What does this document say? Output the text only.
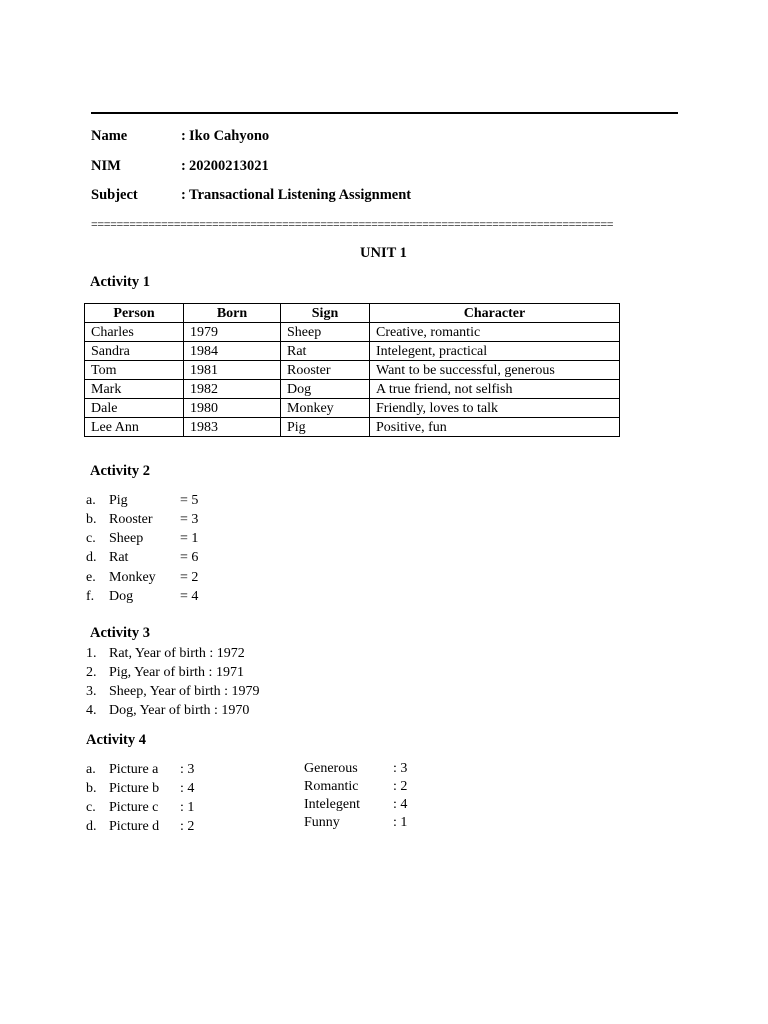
Name	: Iko Cahyono
NIM	: 20200213021
Subject	: Transactional Listening Assignment
==================================================================================
UNIT 1
Activity 1
Person	Born	Sign	Character
Charles	1979	Sheep	Creative, romantic
Sandra	1984	Rat	Intelegent, practical
Tom	1981	Rooster	Want to be successful, generous
Mark	1982	Dog	A true friend, not selfish
Dale	1980	Monkey	Friendly, loves to talk
Lee Ann	1983	Pig	Positive, fun
Activity 2
a. Pig	= 5
b. Rooster = 3
c. Sheep	= 1
d. Rat	= 6
e. Monkey = 2
f. Dog	= 4
Activity 3
1. Rat, Year of birth : 1972
2. Pig, Year of birth : 1971
3. Sheep, Year of birth : 1979
4. Dog, Year of birth : 1970
Activity 4
a. Picture a : 3
b. Picture b : 4
c. Picture c : 1
d. Picture d : 2
Generous	: 3
Romantic : 2
Intelegent : 4
Funny	: 1
